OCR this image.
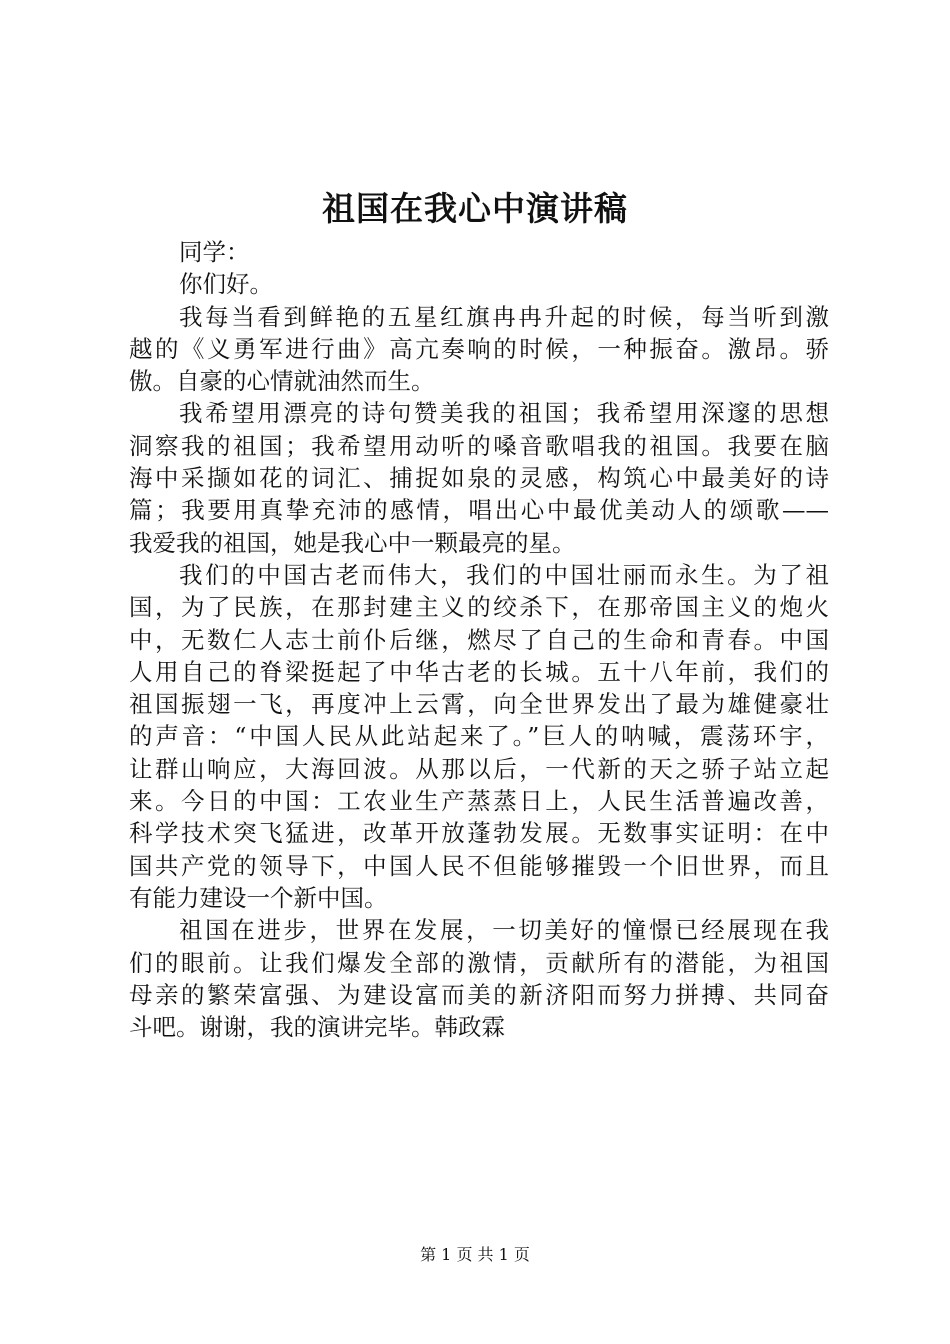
祖国在我心中演讲稿
同学：
你们好。
我每当看到鲜艳的五星红旗冉冉升起的时候，每当听到激
越的《义勇军进行曲》高亢奏响的时候，一种振奋。激昂。骄
傲。自豪的心情就油然而生。
我希望用漂亮的诗句赞美我的祖国；我希望用深邃的思想
洞察我的祖国；我希望用动听的嗓音歌唱我的祖国。我要在脑
海中采撷如花的词汇、捕捉如泉的灵感，构筑心中最美好的诗
篇；我要用真挚充沛的感情，唱出心中最优美动人的颂歌——
我爱我的祖国，她是我心中一颗最亮的星。
我们的中国古老而伟大，我们的中国壮丽而永生。为了祖
国，为了民族，在那封建主义的绞杀下，在那帝国主义的炮火
中，无数仁人志士前仆后继，燃尽了自己的生命和青春。中国
人用自己的脊梁挺起了中华古老的长城。五十八年前，我们的
祖国振翅一飞，再度冲上云霄，向全世界发出了最为雄健豪壮
的声音：“中国人民从此站起来了。”巨人的呐喊，震荡环宇，
让群山响应，大海回波。从那以后，一代新的天之骄子站立起
来。今日的中国：工农业生产蒸蒸日上，人民生活普遍改善，
科学技术突飞猛进，改革开放蓬勃发展。无数事实证明：在中
国共产党的领导下，中国人民不但能够摧毁一个旧世界，而且
有能力建设一个新中国。
祖国在进步，世界在发展，一切美好的憧憬已经展现在我
们的眼前。让我们爆发全部的激情，贡献所有的潜能，为祖国
母亲的繁荣富强、为建设富而美的新济阳而努力拼搏、共同奋
斗吧。谢谢，我的演讲完毕。韩政霖
第 1 页 共 1 页
